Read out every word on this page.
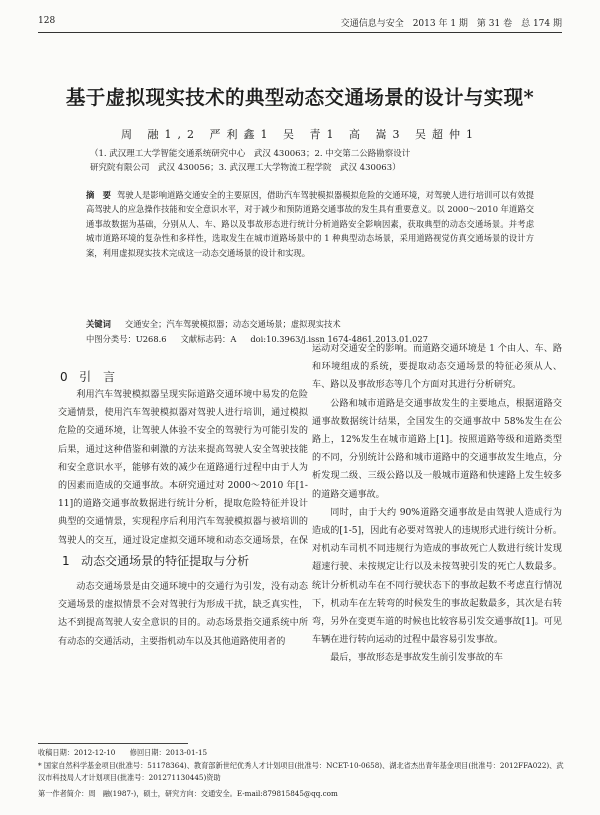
128	交通信息与安全　2013 年 1 期　第 31 卷　总 174 期
基于虚拟现实技术的典型动态交通场景的设计与实现*
周 融1,2 严利鑫1 吴 青1 高 嵩3 吴超仲1
（1. 武汉理工大学智能交通系统研究中心　武汉 430063；2. 中交第二公路勘察设计
研究院有限公司　武汉 430056；3. 武汉理工大学物流工程学院　武汉 430063）
摘　要 驾驶人是影响道路交通安全的主要原因，借助汽车驾驶模拟器模拟危险的交通环境，对驾驶人进行培训可以有效提高驾驶人的应急操作技能和安全意识水平，对于减少和预防道路交通事故的发生具有重要意义。以 2000～2010 年道路交通事故数据为基础，分别从人、车、路以及事故形态进行统计分析道路安全影响因素，获取典型的动态交通场景。并考虑城市道路环境的复杂性和多样性，选取发生在城市道路场景中的 1 种典型动态场景，采用道路视觉仿真交通场景的设计方案，利用虚拟现实技术完成这一动态交通场景的设计和实现。
关键词 交通安全；汽车驾驶模拟器；动态交通场景；虚拟现实技术
中图分类号：U268.6 文献标志码：A doi:10.3963/j.issn 1674-4861.2013.01.027
0 引　言

利用汽车驾驶模拟器呈现实际道路交通环境中易发的危险交通情景，使用汽车驾驶模拟器对驾驶人进行培训，通过模拟危险的交通环境，让驾驶人体验不安全的驾驶行为可能引发的后果，通过这种借鉴和刺激的方法来提高驾驶人安全驾驶技能和安全意识水平，能够有效的减少在道路通行过程中由于人为的因素而造成的交通事故。本研究通过对 2000～2010 年[1-11]的道路交通事故数据进行统计分析，提取危险特征并设计典型的交通情景，实现程序后利用汽车驾驶模拟器与被培训的驾驶人的交互，通过设定虚拟交通环境和动态交通场景，在保

1 动态交通场景的特征提取与分析

动态交通场景是由交通环境中的交通行为引发，没有动态交通场景的虚拟情景不会对驾驶行为形成干扰，缺乏真实性，达不到提高驾驶人安全意识的目的。动态场景指交通系统中所有动态的交通活动，主要指机动车以及其他道路使用者的

运动对交通安全的影响。而道路交通环境是 1 个由人、车、路和环境组成的系统，要提取动态交通场景的特征必须从人、车、路以及事故形态等几个方面对其进行分析研究。

公路和城市道路是交通事故发生的主要地点，根据道路交通事故数据统计结果，全国发生的交通事故中 58%发生在公路上，12%发生在城市道路上[1]。按照道路等级和道路类型的不同，分别统计公路和城市道路中的交通事故发生地点，分析发现二级、三级公路以及一般城市道路和快速路上发生较多的道路交通事故。

同时，由于大约 90%道路交通事故是由驾驶人造成行为造成的[1-5]，因此有必要对驾驶人的违规形式进行统计分析。对机动车司机不同违规行为造成的事故死亡人数进行统计发现超速行驶、未按规定让行以及未按驾驶引发的死亡人数最多。统计分析机动车在不同行驶状态下的事故起数不考虑直行情况下，机动车在左转弯的时候发生的事故起数最多，其次是右转弯，另外在变更车道的时候也比较容易引发交通事故[1]。可见车辆在进行转向运动的过程中最容易引发事故。

最后，事故形态是事故发生前引发事故的车

收稿日期：2012-12-10　　修回日期：2013-01-15
* 国家自然科学基金项目(批准号：51178364)、教育部新世纪优秀人才计划项目(批准号：NCET-10-0658)、湖北省杰出青年基金项目(批准号：2012FFA022)、武汉市科技局人才计划项目(批准号：201271130445)资助
第一作者简介：周　融(1987-)，硕士，研究方向：交通安全。E-mail:879815845@qq.com
